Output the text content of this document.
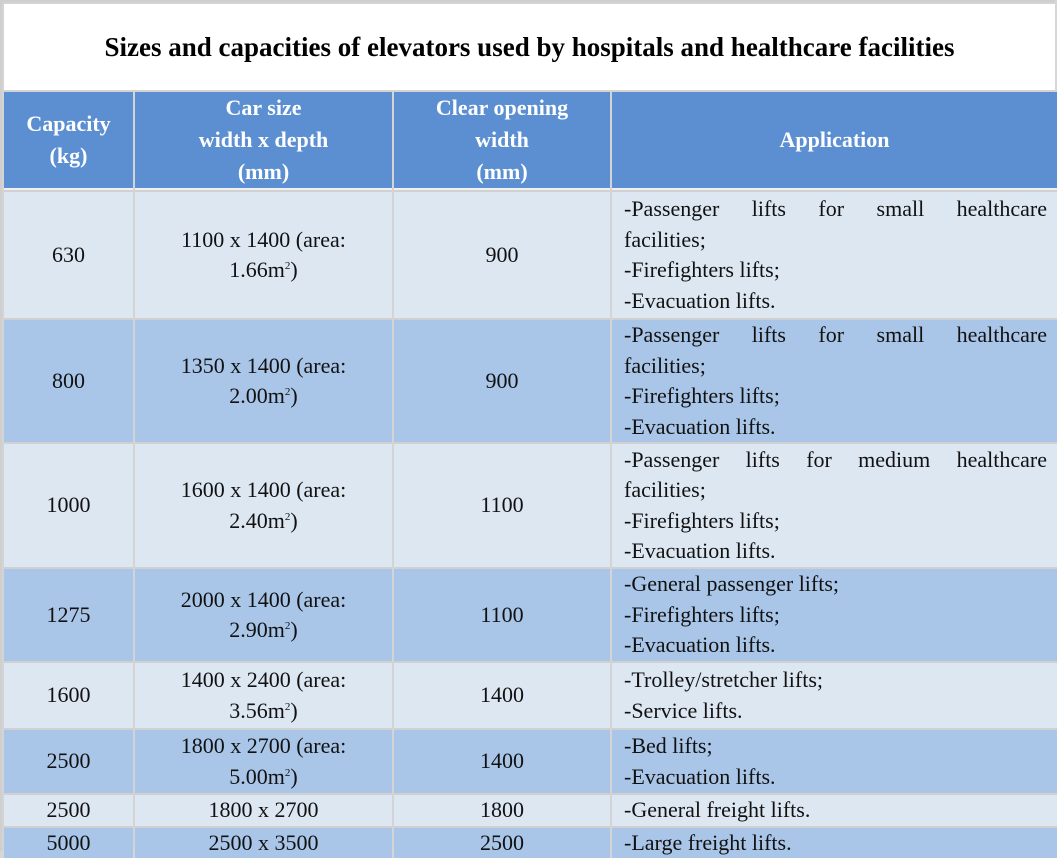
Sizes and capacities of elevators used by hospitals and healthcare facilities
Capacity
(kg)	Car size
width x depth
(mm)	Clear opening
width
(mm)	Application
630	1100 x 1400 (area:
$1.66m^2$)	900	-Passenger lifts for small healthcare
facilities;
-Firefighters lifts;
-Evacuation lifts.

800	1350 x 1400 (area:
$2.00m^2$)	900	-Passenger lifts for small healthcare
facilities;
-Firefighters lifts;
-Evacuation lifts.

1000	1600 x 1400 (area:
$2.40m^2$)	1100	-Passenger lifts for medium healthcare
facilities;
-Firefighters lifts;
-Evacuation lifts.

1275	2000 x 1400 (area:
$2.90m^2$)	1100	-General passenger lifts;
-Firefighters lifts;
-Evacuation lifts.

1600	1400 x 2400 (area:
$3.56m^2$)	1400	-Trolley/stretcher lifts;
-Service lifts.

2500	1800 x 2700 (area:
$5.00m^2$)	1400	-Bed lifts;
-Evacuation lifts.

2500	1800 x 2700	1800	-General freight lifts.

5000	2500 x 3500	2500	-Large freight lifts.
